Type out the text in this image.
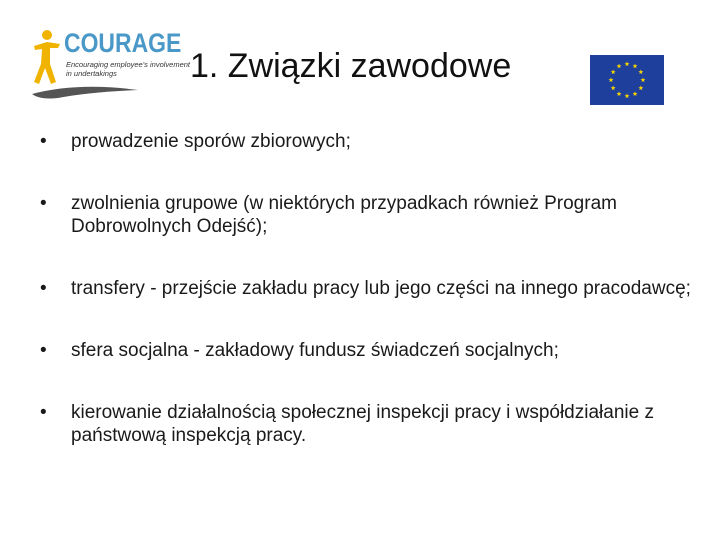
COURAGE
Encouraging employee's involvement in undertakings	1. Związki zawodowe
• prowadzenie sporów zbiorowych;
• zwolnienia grupowe (w niektórych przypadkach również Program Dobrowolnych Odejść);
• transfery - przejście zakładu pracy lub jego części na innego pracodawcę;
• sfera socjalna - zakładowy fundusz świadczeń socjalnych;
• kierowanie działalnością społecznej inspekcji pracy i współdziałanie z państwową inspekcją pracy.
